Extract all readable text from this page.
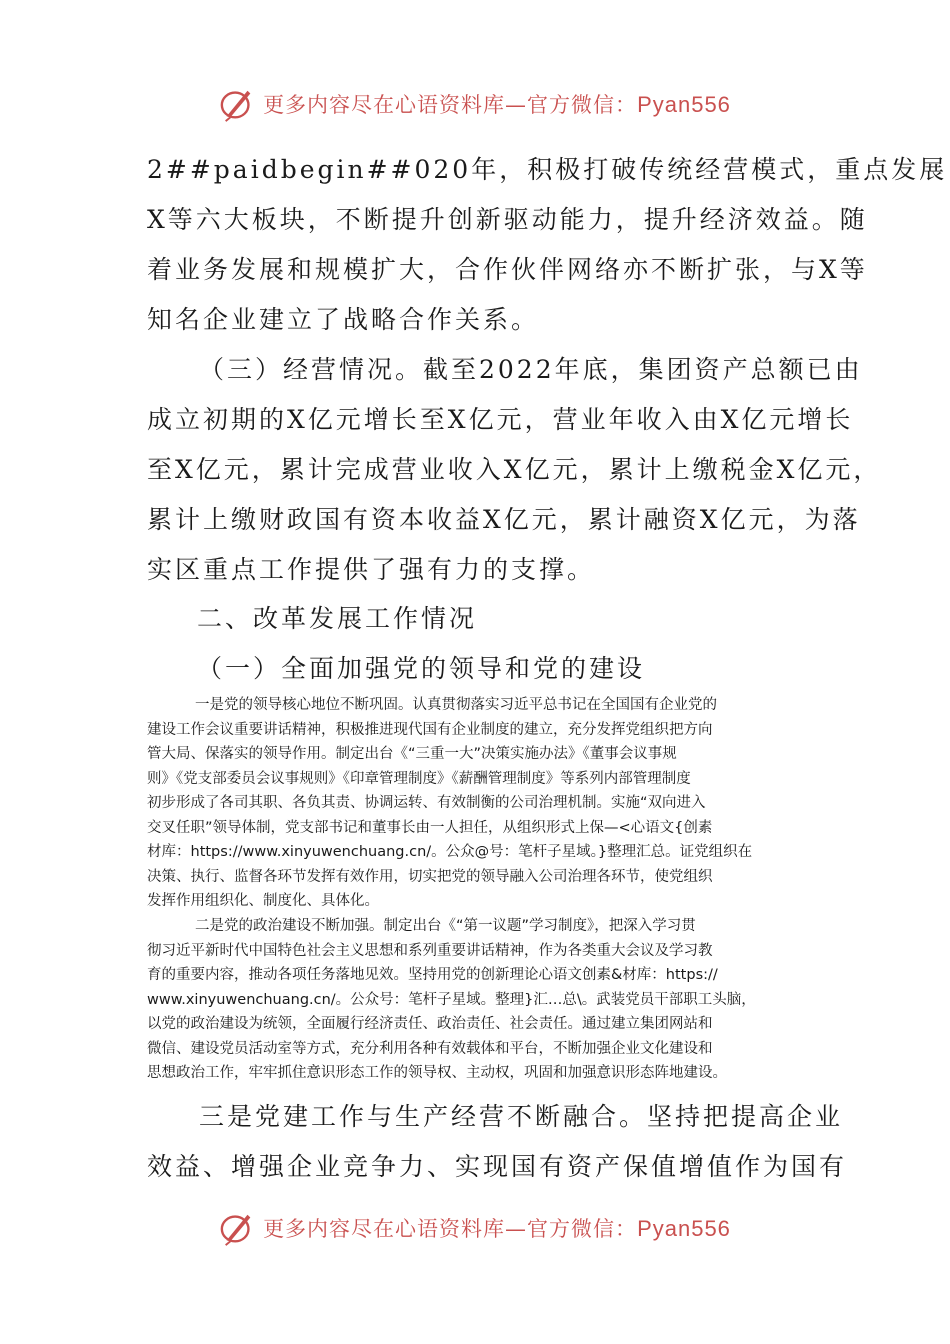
更多内容尽在心语资料库—官方微信：Pyan556
2##paidbegin##020年，积极打破传统经营模式，重点发展
X等六大板块，不断提升创新驱动能力，提升经济效益。随
着业务发展和规模扩大，合作伙伴网络亦不断扩张，与X等
知名企业建立了战略合作关系。
（三）经营情况。截至2022年底，集团资产总额已由
成立初期的X亿元增长至X亿元，营业年收入由X亿元增长
至X亿元，累计完成营业收入X亿元，累计上缴税金X亿元，
累计上缴财政国有资本收益X亿元，累计融资X亿元，为落
实区重点工作提供了强有力的支撑。
二、改革发展工作情况
（一）全面加强党的领导和党的建设
一是党的领导核心地位不断巩固。认真贯彻落实习近平总书记在全国国有企业党的
建设工作会议重要讲话精神，积极推进现代国有企业制度的建立，充分发挥党组织把方向
管大局、保落实的领导作用。制定出台《“三重一大”决策实施办法》《董事会议事规
则》《党支部委员会议事规则》《印章管理制度》《薪酬管理制度》等系列内部管理制度
初步形成了各司其职、各负其责、协调运转、有效制衡的公司治理机制。实施“双向进入
交叉任职”领导体制，党支部书记和董事长由一人担任，从组织形式上保—<心语文{创素
材库：https://www.xinyuwenchuang.cn/。公众@号：笔杆子星域。}整理汇总。证党组织在
决策、执行、监督各环节发挥有效作用，切实把党的领导融入公司治理各环节，使党组织
发挥作用组织化、制度化、具体化。
二是党的政治建设不断加强。制定出台《“第一议题”学习制度》，把深入学习贯
彻习近平新时代中国特色社会主义思想和系列重要讲话精神，作为各类重大会议及学习教
育的重要内容，推动各项任务落地见效。坚持用党的创新理论心语文创素&材库：https://
www.xinyuwenchuang.cn/。公众号：笔杆子星域。整理}汇…总\。武装党员干部职工头脑，
以党的政治建设为统领，全面履行经济责任、政治责任、社会责任。通过建立集团网站和
微信、建设党员活动室等方式，充分利用各种有效载体和平台，不断加强企业文化建设和
思想政治工作，牢牢抓住意识形态工作的领导权、主动权，巩固和加强意识形态阵地建设。
三是党建工作与生产经营不断融合。坚持把提高企业
效益、增强企业竞争力、实现国有资产保值增值作为国有
更多内容尽在心语资料库—官方微信：Pyan556
